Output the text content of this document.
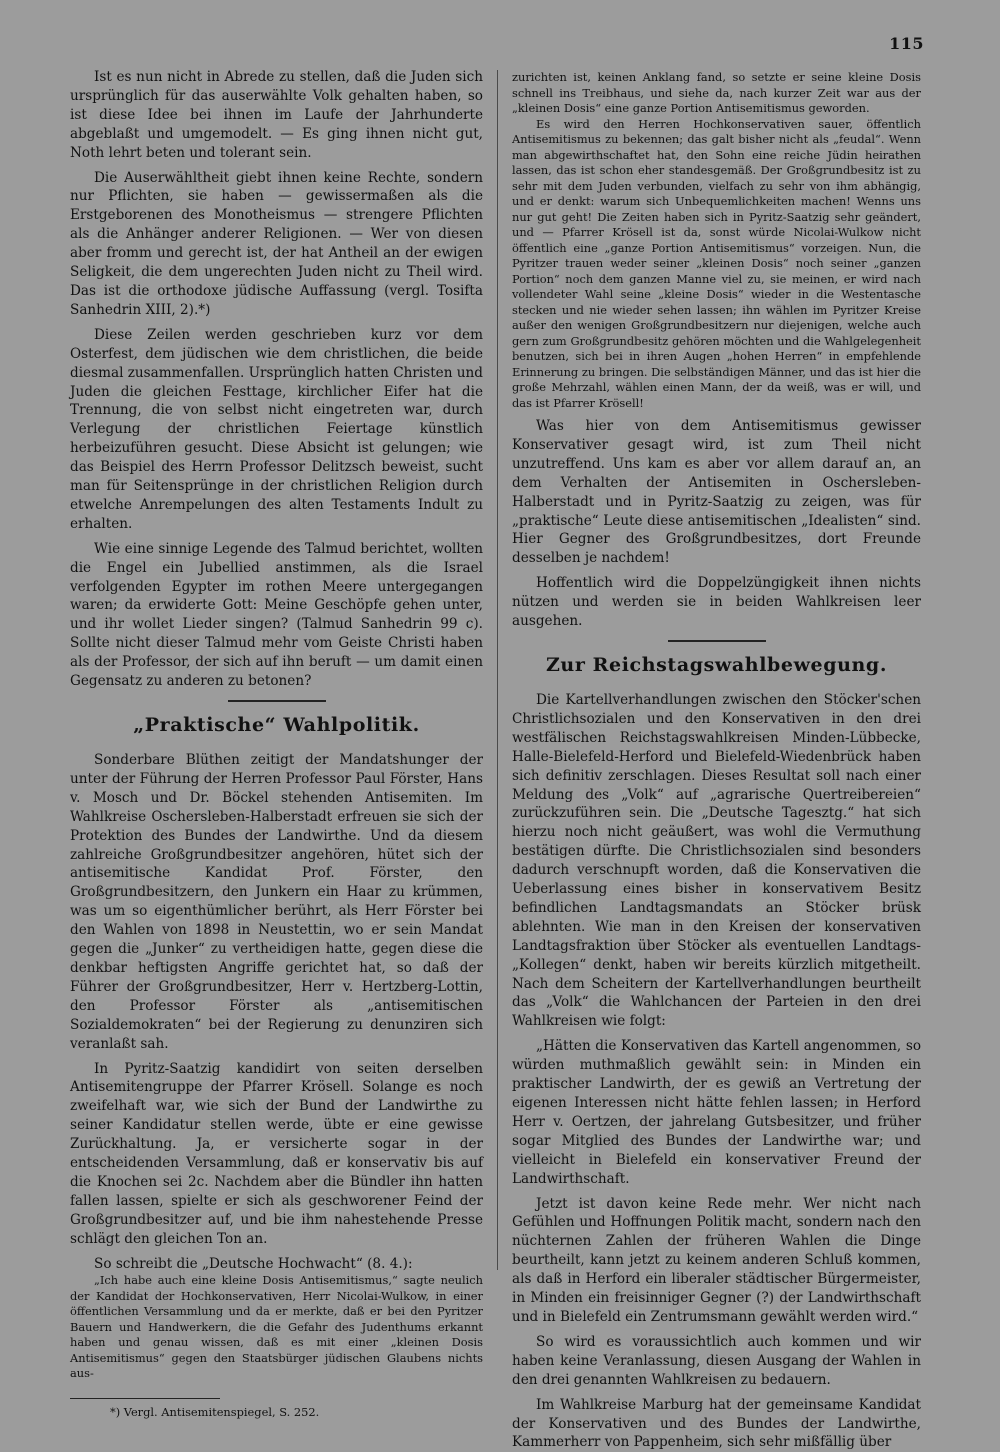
115

Ist es nun nicht in Abrede zu stellen, daß die Juden sich ursprünglich für das auserwählte Volk gehalten haben, so ist diese Idee bei ihnen im Laufe der Jahrhunderte abgeblaßt und umgemodelt. — Es ging ihnen nicht gut, Noth lehrt beten und tolerant sein.

Die Auserwähltheit giebt ihnen keine Rechte, sondern nur Pflichten, sie haben — gewissermaßen als die Erstgeborenen des Monotheismus — strengere Pflichten als die Anhänger anderer Religionen. — Wer von diesen aber fromm und gerecht ist, der hat Antheil an der ewigen Seligkeit, die dem ungerechten Juden nicht zu Theil wird. Das ist die orthodoxe jüdische Auffassung (vergl. Tosifta Sanhedrin XIII, 2).*)

Diese Zeilen werden geschrieben kurz vor dem Osterfest, dem jüdischen wie dem christlichen, die beide diesmal zusammenfallen. Ursprünglich hatten Christen und Juden die gleichen Festtage, kirchlicher Eifer hat die Trennung, die von selbst nicht eingetreten war, durch Verlegung der christlichen Feiertage künstlich herbeizuführen gesucht. Diese Absicht ist gelungen; wie das Beispiel des Herrn Professor Delitzsch beweist, sucht man für Seitensprünge in der christlichen Religion durch etwelche Anrempelungen des alten Testaments Indult zu erhalten.

Wie eine sinnige Legende des Talmud berichtet, wollten die Engel ein Jubellied anstimmen, als die Israel verfolgenden Egypter im rothen Meere untergegangen waren; da erwiderte Gott: Meine Geschöpfe gehen unter, und ihr wollet Lieder singen? (Talmud Sanhedrin 99 c). Sollte nicht dieser Talmud mehr vom Geiste Christi haben als der Professor, der sich auf ihn beruft — um damit einen Gegensatz zu anderen zu betonen?

„Praktische“ Wahlpolitik.

Sonderbare Blüthen zeitigt der Mandatshunger der unter der Führung der Herren Professor Paul Förster, Hans v. Mosch und Dr. Böckel stehenden Antisemiten. Im Wahlkreise Oschersleben-Halberstadt erfreuen sie sich der Protektion des Bundes der Landwirthe. Und da diesem zahlreiche Großgrundbesitzer angehören, hütet sich der antisemitische Kandidat Prof. Förster, den Großgrundbesitzern, den Junkern ein Haar zu krümmen, was um so eigenthümlicher berührt, als Herr Förster bei den Wahlen von 1898 in Neustettin, wo er sein Mandat gegen die „Junker“ zu vertheidigen hatte, gegen diese die denkbar heftigsten Angriffe gerichtet hat, so daß der Führer der Großgrundbesitzer, Herr v. Hertzberg-Lottin, den Professor Förster als „antisemitischen Sozialdemokraten“ bei der Regierung zu denunziren sich veranlaßt sah.

In Pyritz-Saatzig kandidirt von seiten derselben Antisemitengruppe der Pfarrer Krösell. Solange es noch zweifelhaft war, wie sich der Bund der Landwirthe zu seiner Kandidatur stellen werde, übte er eine gewisse Zurückhaltung. Ja, er versicherte sogar in der entscheidenden Versammlung, daß er konservativ bis auf die Knochen sei 2c. Nachdem aber die Bündler ihn hatten fallen lassen, spielte er sich als geschworener Feind der Großgrundbesitzer auf, und bie ihm nahestehende Presse schlägt den gleichen Ton an.

So schreibt die „Deutsche Hochwacht“ (8. 4.):

„Ich habe auch eine kleine Dosis Antisemitismus,“ sagte neulich der Kandidat der Hochkonservativen, Herr Nicolai-Wulkow, in einer öffentlichen Versammlung und da er merkte, daß er bei den Pyritzer Bauern und Handwerkern, die die Gefahr des Judenthums erkannt haben und genau wissen, daß es mit einer „kleinen Dosis Antisemitismus“ gegen den Staatsbürger jüdischen Glaubens nichts aus-

*) Vergl. Antisemitenspiegel, S. 252.

zurichten ist, keinen Anklang fand, so setzte er seine kleine Dosis schnell ins Treibhaus, und siehe da, nach kurzer Zeit war aus der „kleinen Dosis“ eine ganze Portion Antisemitismus geworden.

Es wird den Herren Hochkonservativen sauer, öffentlich Antisemitismus zu bekennen; das galt bisher nicht als „feudal“. Wenn man abgewirthschaftet hat, den Sohn eine reiche Jüdin heirathen lassen, das ist schon eher standesgemäß. Der Großgrundbesitz ist zu sehr mit dem Juden verbunden, vielfach zu sehr von ihm abhängig, und er denkt: warum sich Unbequemlichkeiten machen! Wenns uns nur gut geht! Die Zeiten haben sich in Pyritz-Saatzig sehr geändert, und — Pfarrer Krösell ist da, sonst würde Nicolai-Wulkow nicht öffentlich eine „ganze Portion Antisemitismus“ vorzeigen. Nun, die Pyritzer trauen weder seiner „kleinen Dosis“ noch seiner „ganzen Portion“ noch dem ganzen Manne viel zu, sie meinen, er wird nach vollendeter Wahl seine „kleine Dosis“ wieder in die Westentasche stecken und nie wieder sehen lassen; ihn wählen im Pyritzer Kreise außer den wenigen Großgrundbesitzern nur diejenigen, welche auch gern zum Großgrundbesitz gehören möchten und die Wahlgelegenheit benutzen, sich bei in ihren Augen „hohen Herren“ in empfehlende Erinnerung zu bringen. Die selbständigen Männer, und das ist hier die große Mehrzahl, wählen einen Mann, der da weiß, was er will, und das ist Pfarrer Krösell!

Was hier von dem Antisemitismus gewisser Konservativer gesagt wird, ist zum Theil nicht unzutreffend. Uns kam es aber vor allem darauf an, an dem Verhalten der Antisemiten in Oschersleben-Halberstadt und in Pyritz-Saatzig zu zeigen, was für „praktische“ Leute diese antisemitischen „Idealisten“ sind. Hier Gegner des Großgrundbesitzes, dort Freunde desselben je nachdem!

Hoffentlich wird die Doppelzüngigkeit ihnen nichts nützen und werden sie in beiden Wahlkreisen leer ausgehen.

Zur Reichstagswahlbewegung.

Die Kartellverhandlungen zwischen den Stöcker'schen Christlichsozialen und den Konservativen in den drei westfälischen Reichstagswahlkreisen Minden-Lübbecke, Halle-Bielefeld-Herford und Bielefeld-Wiedenbrück haben sich definitiv zerschlagen. Dieses Resultat soll nach einer Meldung des „Volk“ auf „agrarische Quertreibereien“ zurückzuführen sein. Die „Deutsche Tagesztg.“ hat sich hierzu noch nicht geäußert, was wohl die Vermuthung bestätigen dürfte. Die Christlichsozialen sind besonders dadurch verschnupft worden, daß die Konservativen die Ueberlassung eines bisher in konservativem Besitz befindlichen Landtagsmandats an Stöcker brüsk ablehnten. Wie man in den Kreisen der konservativen Landtagsfraktion über Stöcker als eventuellen Landtags-„Kollegen“ denkt, haben wir bereits kürzlich mitgetheilt. Nach dem Scheitern der Kartellverhandlungen beurtheilt das „Volk“ die Wahlchancen der Parteien in den drei Wahlkreisen wie folgt:

„Hätten die Konservativen das Kartell angenommen, so würden muthmaßlich gewählt sein: in Minden ein praktischer Landwirth, der es gewiß an Vertretung der eigenen Interessen nicht hätte fehlen lassen; in Herford Herr v. Oertzen, der jahrelang Gutsbesitzer, und früher sogar Mitglied des Bundes der Landwirthe war; und vielleicht in Bielefeld ein konservativer Freund der Landwirthschaft.

Jetzt ist davon keine Rede mehr. Wer nicht nach Gefühlen und Hoffnungen Politik macht, sondern nach den nüchternen Zahlen der früheren Wahlen die Dinge beurtheilt, kann jetzt zu keinem anderen Schluß kommen, als daß in Herford ein liberaler städtischer Bürgermeister, in Minden ein freisinniger Gegner (?) der Landwirthschaft und in Bielefeld ein Zentrumsmann gewählt werden wird.“

So wird es voraussichtlich auch kommen und wir haben keine Veranlassung, diesen Ausgang der Wahlen in den drei genannten Wahlkreisen zu bedauern.

Im Wahlkreise Marburg hat der gemeinsame Kandidat der Konservativen und des Bundes der Landwirthe, Kammerherr von Pappenheim, sich sehr mißfällig über
